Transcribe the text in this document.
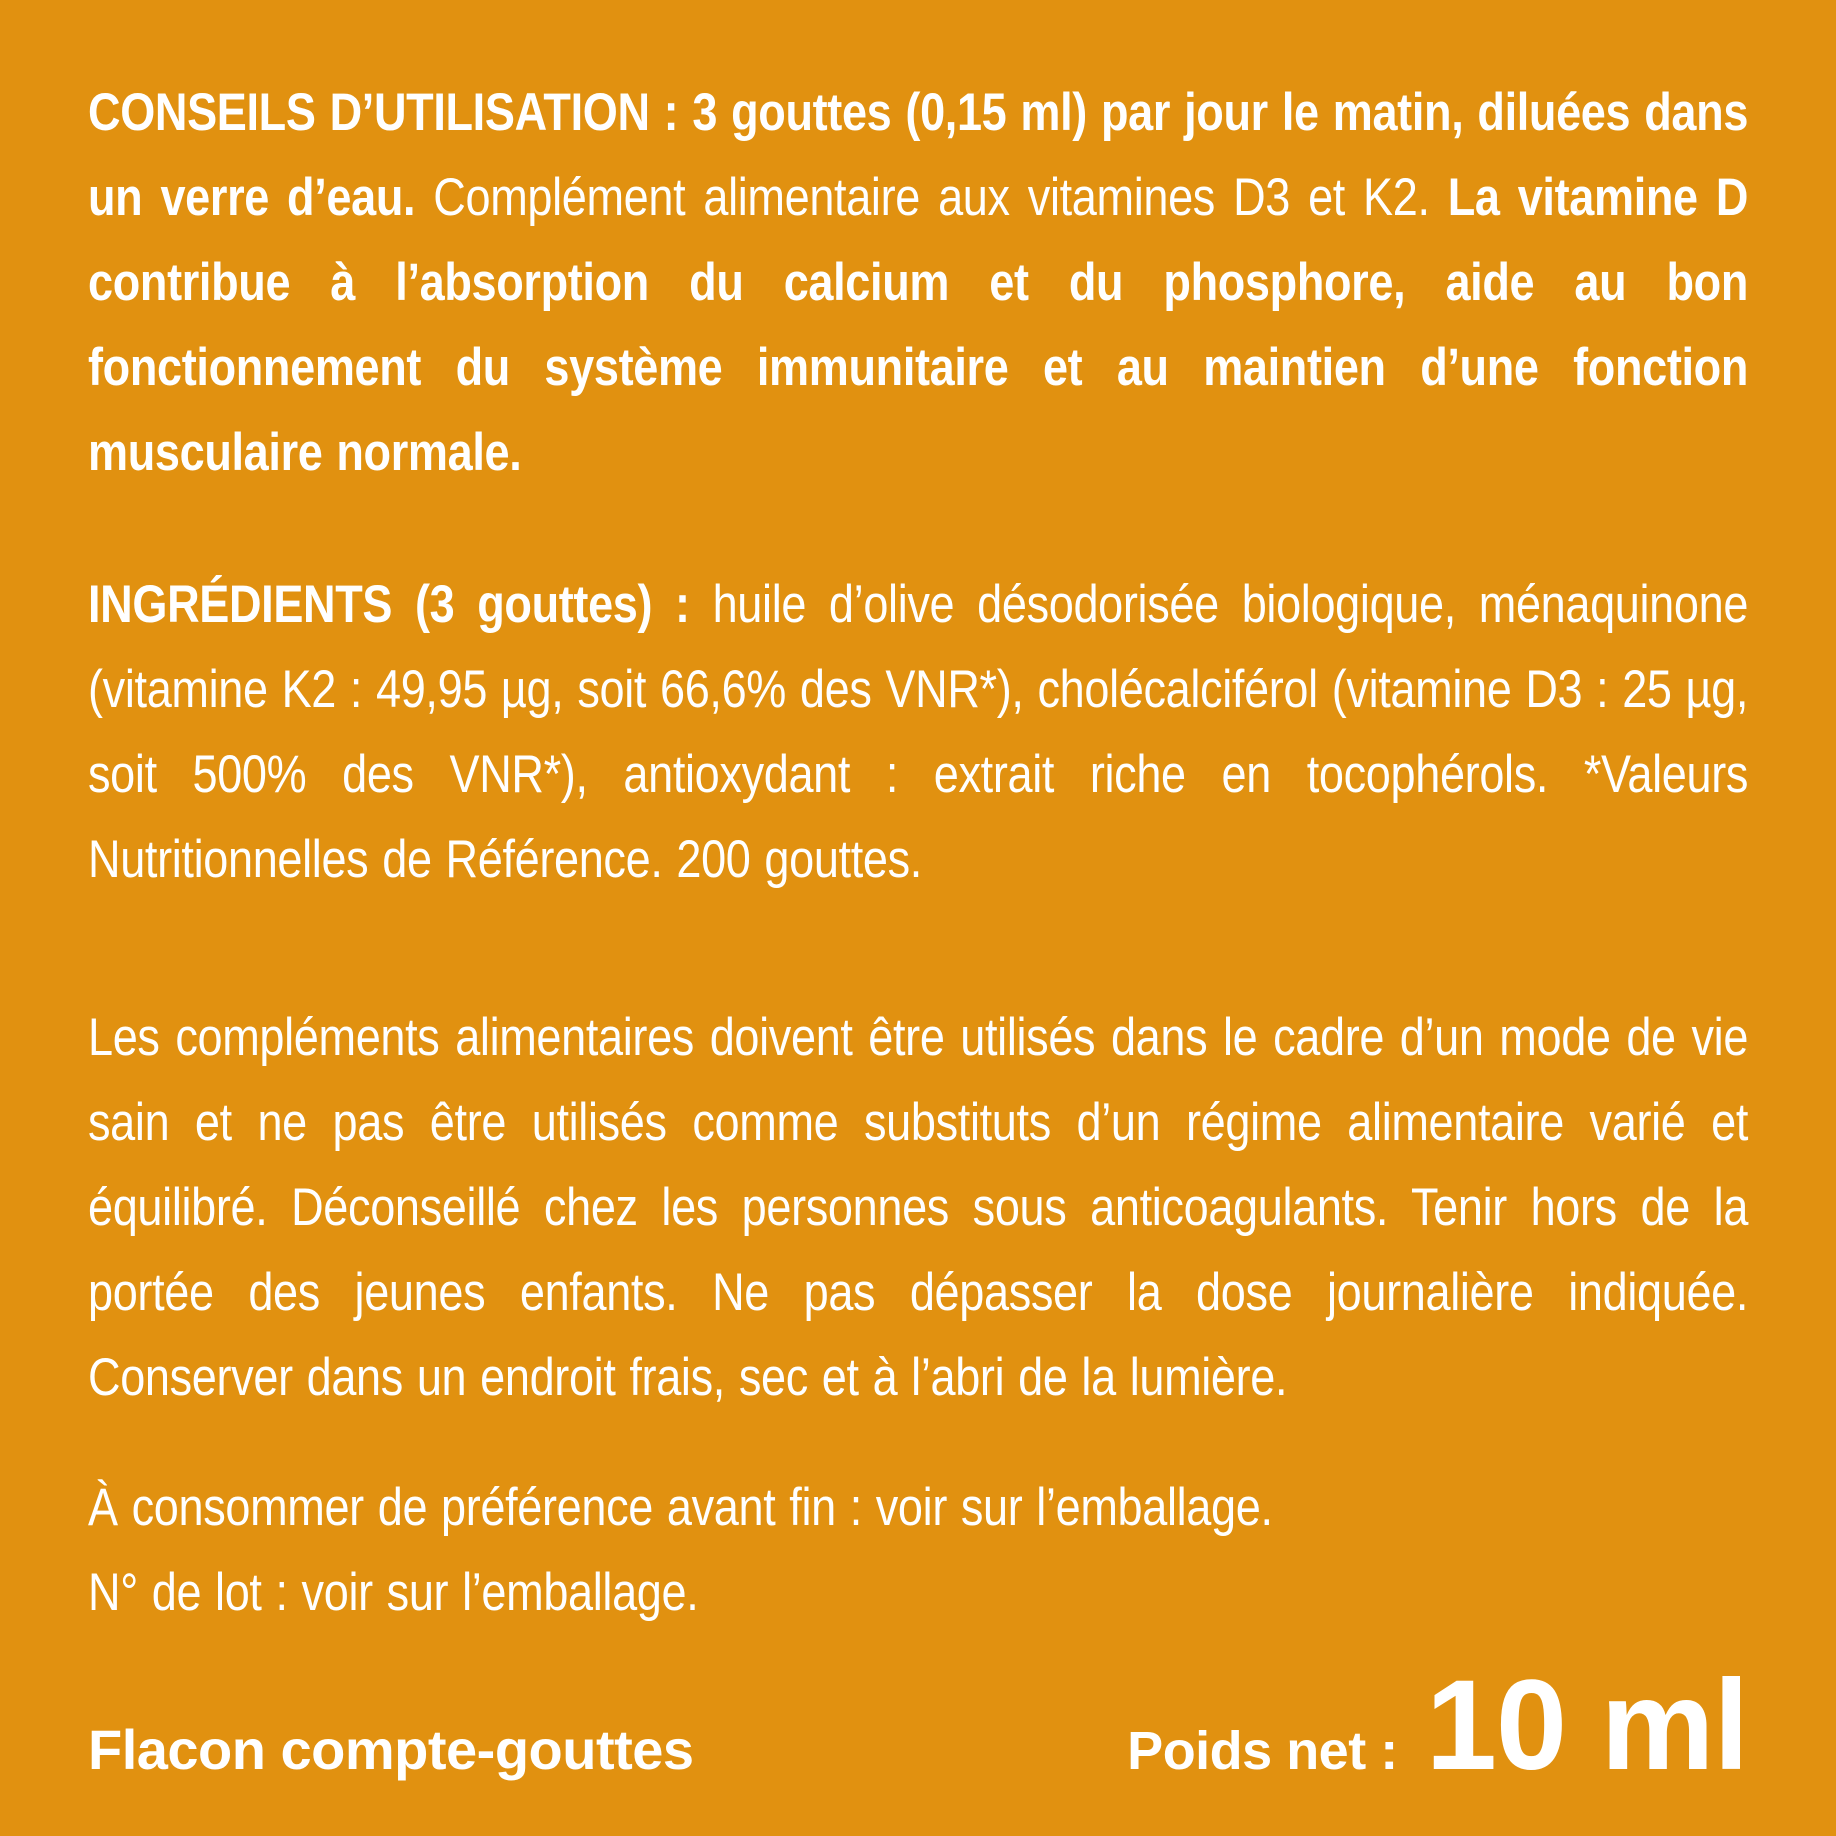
CONSEILS D’UTILISATION : 3 gouttes (0,15 ml) par jour le matin, diluées dans un verre d’eau. Complément alimentaire aux vitamines D3 et K2. La vitamine D contribue à l’absorption du calcium et du phosphore, aide au bon fonctionnement du système immunitaire et au maintien d’une fonction musculaire normale.

INGRÉDIENTS (3 gouttes) : huile d’olive désodorisée biologique, ménaquinone (vitamine K2 : 49,95 µg, soit 66,6% des VNR*), cholécalciférol (vitamine D3 : 25 µg, soit 500% des VNR*), antioxydant : extrait riche en tocophérols. *Valeurs Nutritionnelles de Référence. 200 gouttes.

Les compléments alimentaires doivent être utilisés dans le cadre d’un mode de vie sain et ne pas être utilisés comme substituts d’un régime alimentaire varié et équilibré. Déconseillé chez les personnes sous anticoagulants. Tenir hors de la portée des jeunes enfants. Ne pas dépasser la dose journalière indiquée. Conserver dans un endroit frais, sec et à l’abri de la lumière.

À consommer de préférence avant fin : voir sur l’emballage.
N° de lot : voir sur l’emballage.

Flacon compte-gouttes	Poids net : 10 ml
